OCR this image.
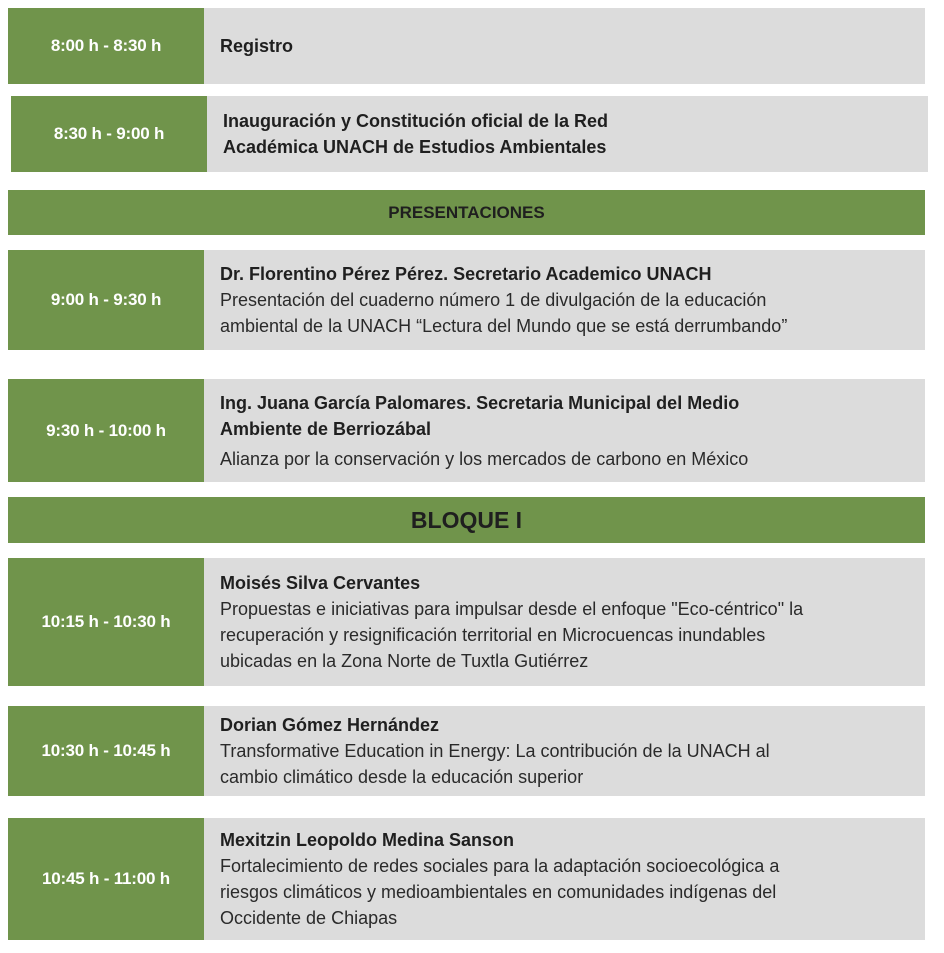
8:00 h - 8:30 h	Registro
8:30 h - 9:00 h
Inauguración y Constitución oficial de la Red
Académica UNACH de Estudios Ambientales
PRESENTACIONES
9:00 h - 9:30 h
Dr. Florentino Pérez Pérez. Secretario Academico UNACH
Presentación del cuaderno número 1 de divulgación de la educación
ambiental de la UNACH “Lectura del Mundo que se está derrumbando”
9:30 h - 10:00 h
Ing. Juana García Palomares. Secretaria Municipal del Medio
Ambiente de Berriozábal
Alianza por la conservación y los mercados de carbono en México
BLOQUE I
10:15 h - 10:30 h
Moisés Silva Cervantes
Propuestas e iniciativas para impulsar desde el enfoque "Eco-céntrico" la
recuperación y resignificación territorial en Microcuencas inundables
ubicadas en la Zona Norte de Tuxtla Gutiérrez
10:30 h - 10:45 h
Dorian Gómez Hernández
Transformative Education in Energy: La contribución de la UNACH al
cambio climático desde la educación superior
10:45 h - 11:00 h
Mexitzin Leopoldo Medina Sanson
Fortalecimiento de redes sociales para la adaptación socioecológica a
riesgos climáticos y medioambientales en comunidades indígenas del
Occidente de Chiapas
